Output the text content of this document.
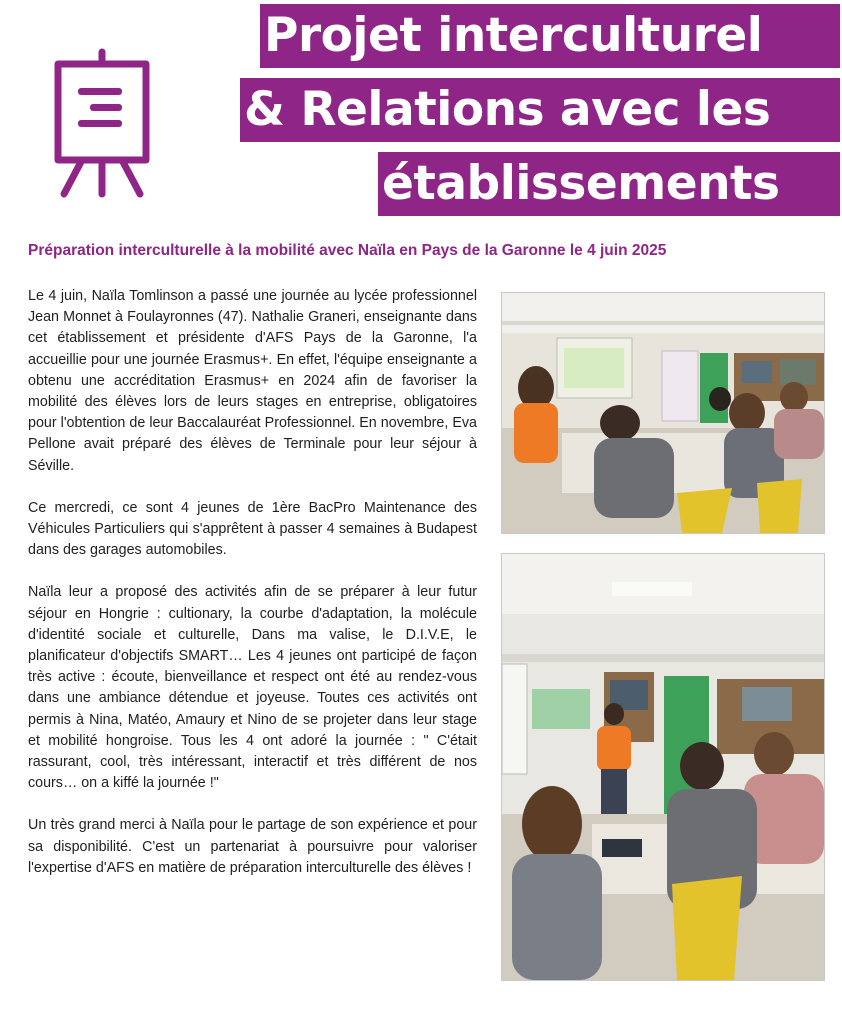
Projet interculturel
& Relations avec les
établissements
Préparation interculturelle à la mobilité avec Naïla en Pays de la Garonne le 4 juin 2025

Le 4 juin, Naïla Tomlinson a passé une journée au lycée professionnel Jean Monnet à Foulayronnes (47). Nathalie Graneri, enseignante dans cet établissement et présidente d'AFS Pays de la Garonne, l'a accueillie pour une journée Erasmus+. En effet, l'équipe enseignante a obtenu une accréditation Erasmus+ en 2024 afin de favoriser la mobilité des élèves lors de leurs stages en entreprise, obligatoires pour l'obtention de leur Baccalauréat Professionnel. En novembre, Eva Pellone avait préparé des élèves de Terminale pour leur séjour à Séville.

Ce mercredi, ce sont 4 jeunes de 1ère BacPro Maintenance des Véhicules Particuliers qui s'apprêtent à passer 4 semaines à Budapest dans des garages automobiles.

Naïla leur a proposé des activités afin de se préparer à leur futur séjour en Hongrie : cultionary, la courbe d'adaptation, la molécule d'identité sociale et culturelle, Dans ma valise, le D.I.V.E, le planificateur d'objectifs SMART… Les 4 jeunes ont participé de façon très active : écoute, bienveillance et respect ont été au rendez-vous dans une ambiance détendue et joyeuse. Toutes ces activités ont permis à Nina, Matéo, Amaury et Nino de se projeter dans leur stage et mobilité hongroise. Tous les 4 ont adoré la journée : " C'était rassurant, cool, très intéressant, interactif et très différent de nos cours… on a kiffé la journée !"

Un très grand merci à Naïla pour le partage de son expérience et pour sa disponibilité. C'est un partenariat à poursuivre pour valoriser l'expertise d'AFS en matière de préparation interculturelle des élèves !
